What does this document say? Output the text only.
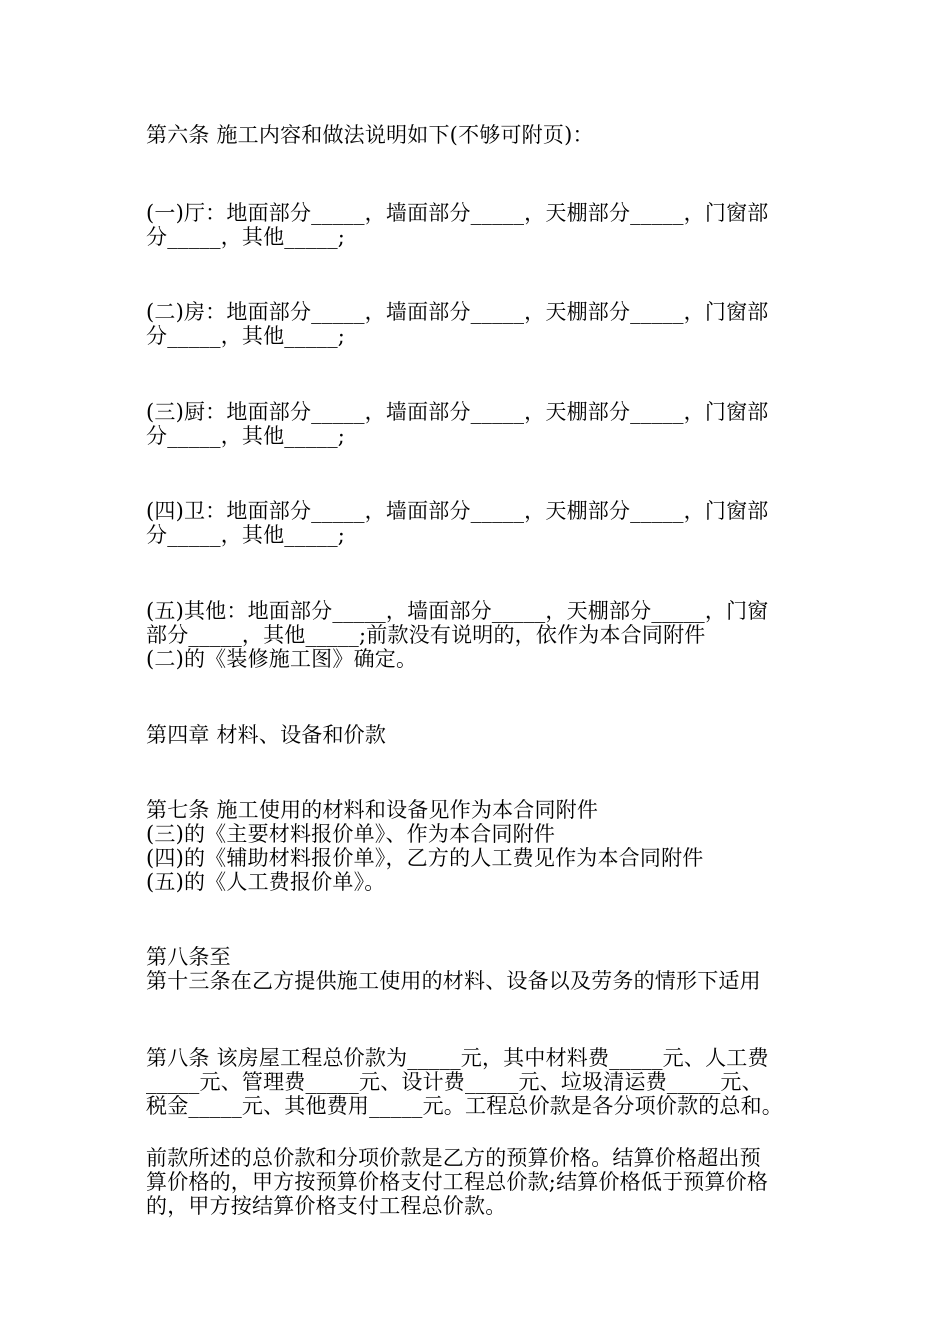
第六条 施工内容和做法说明如下(不够可附页)：
(一)厅：地面部分_____，墙面部分_____，天棚部分_____，门窗部
分_____，其他_____;
(二)房：地面部分_____，墙面部分_____，天棚部分_____，门窗部
分_____，其他_____;
(三)厨：地面部分_____，墙面部分_____，天棚部分_____，门窗部
分_____，其他_____;
(四)卫：地面部分_____，墙面部分_____，天棚部分_____，门窗部
分_____，其他_____;
(五)其他：地面部分_____，墙面部分_____，天棚部分_____，门窗
部分_____，其他_____;前款没有说明的，依作为本合同附件
(二)的《装修施工图》确定。
第四章 材料、设备和价款
第七条 施工使用的材料和设备见作为本合同附件
(三)的《主要材料报价单》、作为本合同附件
(四)的《辅助材料报价单》，乙方的人工费见作为本合同附件
(五)的《人工费报价单》。
第八条至
第十三条在乙方提供施工使用的材料、设备以及劳务的情形下适用
第八条 该房屋工程总价款为_____元，其中材料费_____元、人工费
_____元、管理费_____元、设计费_____元、垃圾清运费_____元、
税金_____元、其他费用_____元。工程总价款是各分项价款的总和。
前款所述的总价款和分项价款是乙方的预算价格。结算价格超出预
算价格的，甲方按预算价格支付工程总价款;结算价格低于预算价格
的，甲方按结算价格支付工程总价款。
